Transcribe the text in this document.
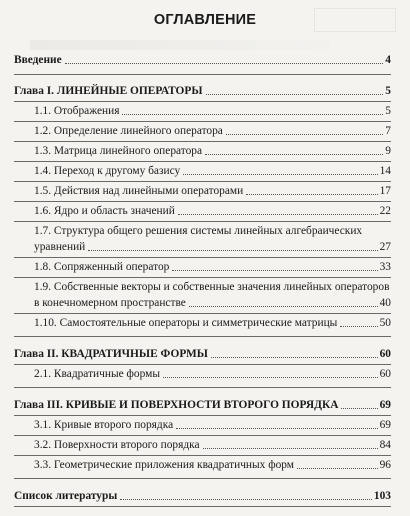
ОГЛАВЛЕНИЕ
Введение	4
Глава I. ЛИНЕЙНЫЕ ОПЕРАТОРЫ	5
1.1. Отображения	5
1.2. Определение линейного оператора	7
1.3. Матрица линейного оператора	9
1.4. Переход к другому базису	14
1.5. Действия над линейными операторами	17
1.6. Ядро и область значений	22
1.7. Структура общего решения системы линейных алгебраических
уравнений	27
1.8. Сопряженный оператор	33
1.9. Собственные векторы и собственные значения линейных операторов
в конечномерном пространстве	40
1.10. Самостоятельные операторы и симметрические матрицы	50
Глава II. КВАДРАТИЧНЫЕ ФОРМЫ	60
2.1. Квадратичные формы	60
Глава III. КРИВЫЕ И ПОВЕРХНОСТИ ВТОРОГО ПОРЯДКА	69
3.1. Кривые второго порядка	69
3.2. Поверхности второго порядка	84
3.3. Геометрические приложения квадратичных форм	96
Список литературы	103
